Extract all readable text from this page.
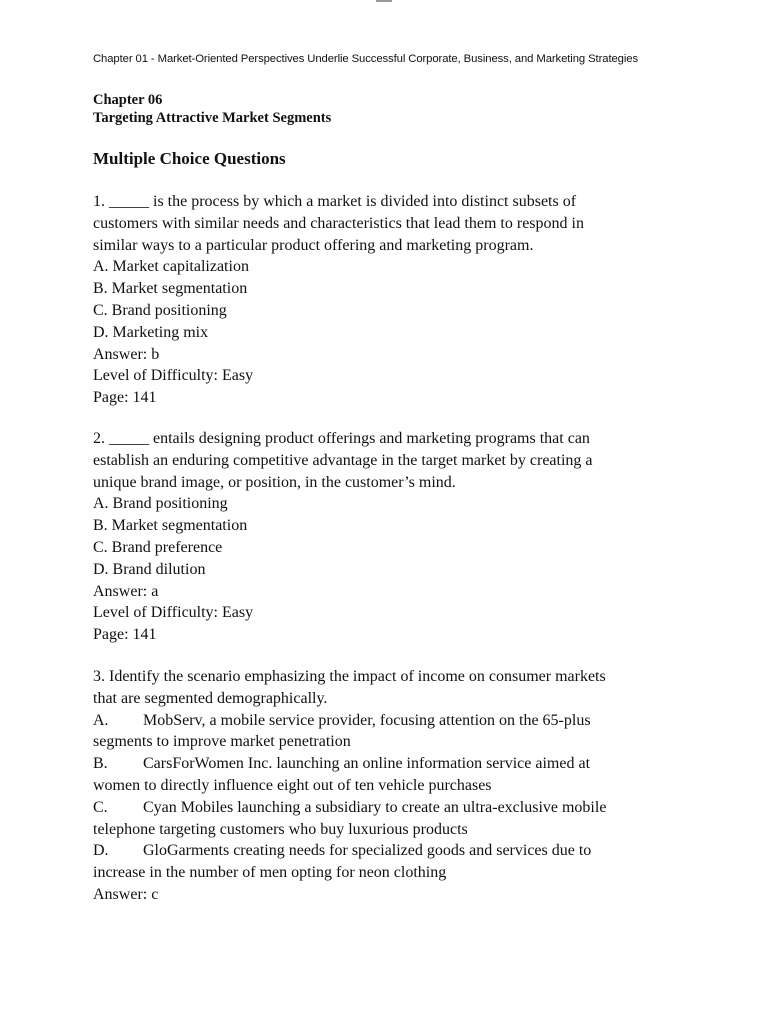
Chapter 01 - Market-Oriented Perspectives Underlie Successful Corporate, Business, and Marketing Strategies
Chapter 06
Targeting Attractive Market Segments
Multiple Choice Questions
1. _____ is the process by which a market is divided into distinct subsets of
customers with similar needs and characteristics that lead them to respond in
similar ways to a particular product offering and marketing program.
A. Market capitalization
B. Market segmentation
C. Brand positioning
D. Marketing mix
Answer: b
Level of Difficulty: Easy
Page: 141
2. _____ entails designing product offerings and marketing programs that can
establish an enduring competitive advantage in the target market by creating a
unique brand image, or position, in the customer’s mind.
A. Brand positioning
B. Market segmentation
C. Brand preference
D. Brand dilution
Answer: a
Level of Difficulty: Easy
Page: 141
3. Identify the scenario emphasizing the impact of income on consumer markets
that are segmented demographically.
A. MobServ, a mobile service provider, focusing attention on the 65-plus
segments to improve market penetration
B. CarsForWomen Inc. launching an online information service aimed at
women to directly influence eight out of ten vehicle purchases
C. Cyan Mobiles launching a subsidiary to create an ultra-exclusive mobile
telephone targeting customers who buy luxurious products
D. GloGarments creating needs for specialized goods and services due to
increase in the number of men opting for neon clothing
Answer: c
